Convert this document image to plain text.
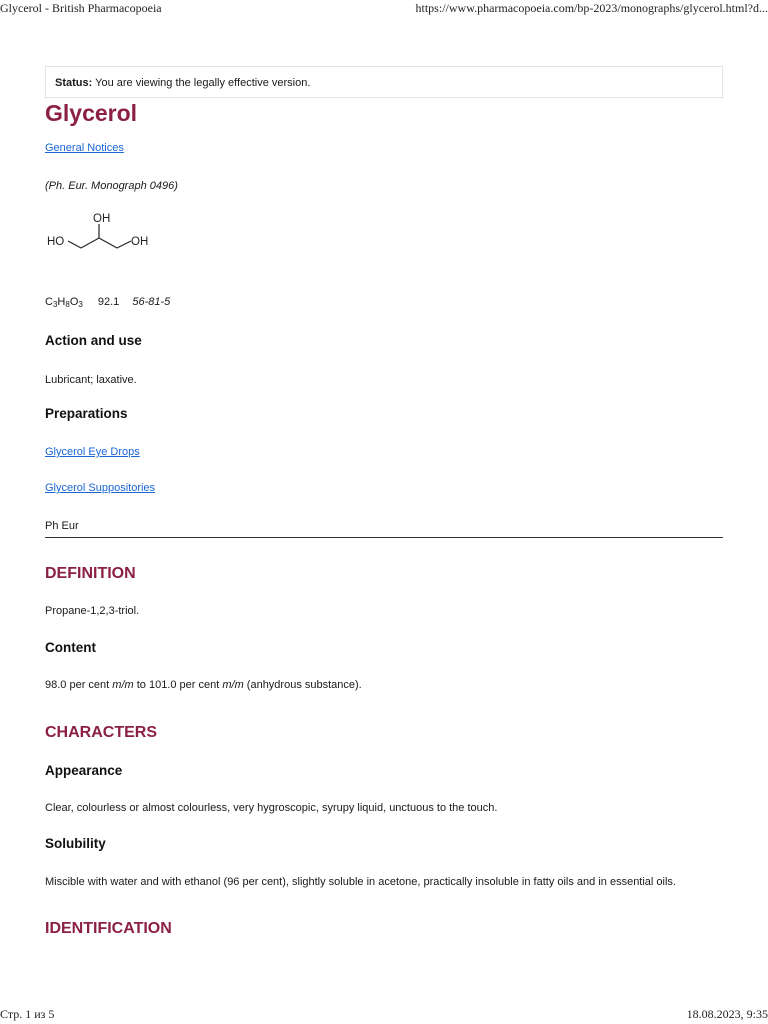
Glycerol - British Pharmacopoeia	https://www.pharmacopoeia.com/bp-2023/monographs/glycerol.html?d...
Status: You are viewing the legally effective version.
Glycerol
General Notices

(Ph. Eur. Monograph 0496)

OH
HO	OH

$C_3H_8O_3$ 92.1 56-81-5

Action and use

Lubricant; laxative.

Preparations
Glycerol Eye Drops
Glycerol Suppositories

Ph Eur

DEFINITION

Propane-1,2,3-triol.

Content

98.0 per cent m/m to 101.0 per cent m/m (anhydrous substance).

CHARACTERS
Appearance

Clear, colourless or almost colourless, very hygroscopic, syrupy liquid, unctuous to the touch.

Solubility

Miscible with water and with ethanol (96 per cent), slightly soluble in acetone, practically insoluble in fatty oils and in essential oils.

IDENTIFICATION
Стр. 1 из 5	18.08.2023, 9:35
